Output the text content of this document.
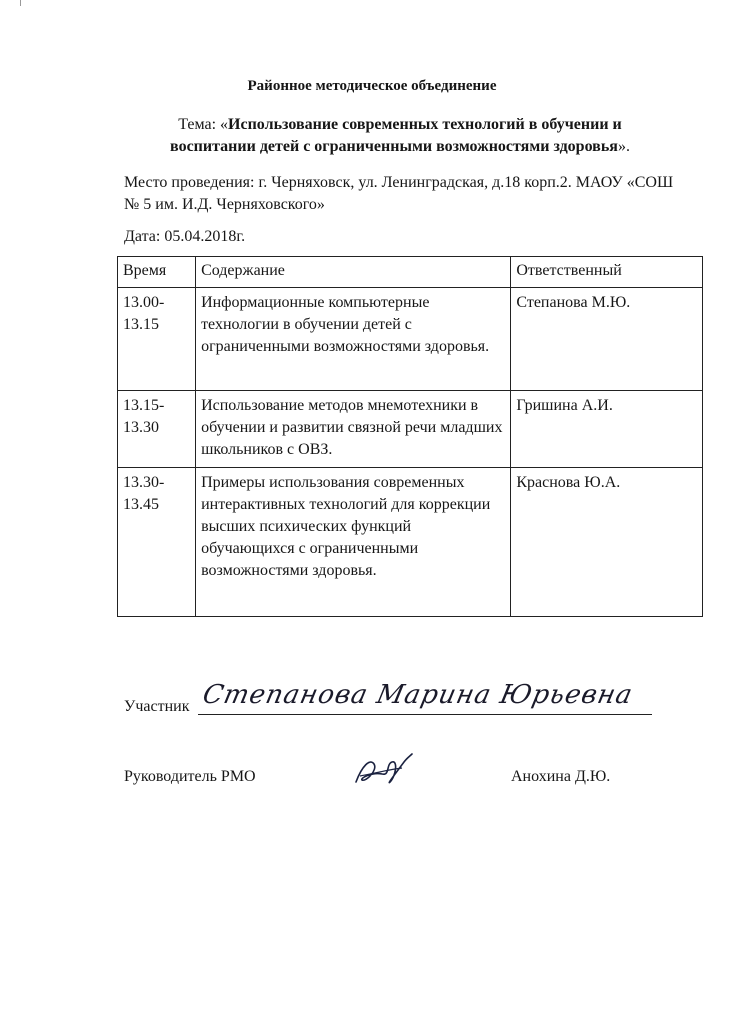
Районное методическое объединение
Тема: «Использование современных технологий в обучении и воспитании детей с ограниченными возможностями здоровья».
Место проведения: г. Черняховск, ул. Ленинградская, д.18 корп.2. МАОУ «СОШ № 5 им. И.Д. Черняховского»
Дата: 05.04.2018г.
Время	Содержание	Ответственный
13.00-13.15	Информационные компьютерные технологии в обучении детей с ограниченными возможностями здоровья.	Степанова М.Ю.
13.15-13.30	Использование методов мнемотехники в обучении и развитии связной речи младших школьников с ОВЗ.	Гришина А.И.
13.30-13.45	Примеры использования современных интерактивных технологий для коррекции высших психических функций обучающихся с ограниченными возможностями здоровья.	Краснова Ю.А.
Участник Степанова Марина Юрьевна
Руководитель РМО	Анохина Д.Ю.
